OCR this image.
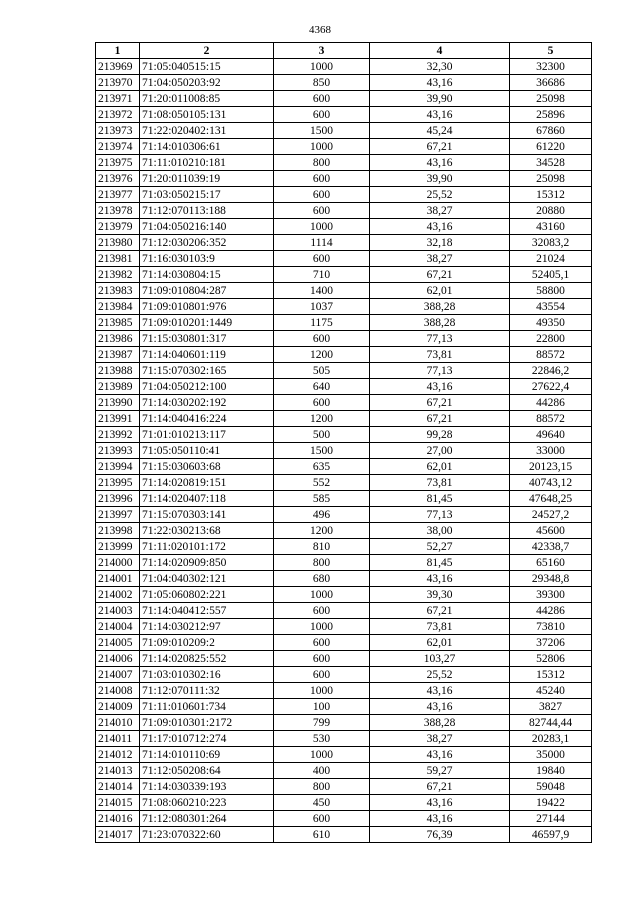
4368
1	2	3	4	5
213969	71:05:040515:15	1000	32,30	32300
213970	71:04:050203:92	850	43,16	36686
213971	71:20:011008:85	600	39,90	25098
213972	71:08:050105:131	600	43,16	25896
213973	71:22:020402:131	1500	45,24	67860
213974	71:14:010306:61	1000	67,21	61220
213975	71:11:010210:181	800	43,16	34528
213976	71:20:011039:19	600	39,90	25098
213977	71:03:050215:17	600	25,52	15312
213978	71:12:070113:188	600	38,27	20880
213979	71:04:050216:140	1000	43,16	43160
213980	71:12:030206:352	1114	32,18	32083,2
213981	71:16:030103:9	600	38,27	21024
213982	71:14:030804:15	710	67,21	52405,1
213983	71:09:010804:287	1400	62,01	58800
213984	71:09:010801:976	1037	388,28	43554
213985	71:09:010201:1449	1175	388,28	49350
213986	71:15:030801:317	600	77,13	22800
213987	71:14:040601:119	1200	73,81	88572
213988	71:15:070302:165	505	77,13	22846,2
213989	71:04:050212:100	640	43,16	27622,4
213990	71:14:030202:192	600	67,21	44286
213991	71:14:040416:224	1200	67,21	88572
213992	71:01:010213:117	500	99,28	49640
213993	71:05:050110:41	1500	27,00	33000
213994	71:15:030603:68	635	62,01	20123,15
213995	71:14:020819:151	552	73,81	40743,12
213996	71:14:020407:118	585	81,45	47648,25
213997	71:15:070303:141	496	77,13	24527,2
213998	71:22:030213:68	1200	38,00	45600
213999	71:11:020101:172	810	52,27	42338,7
214000	71:14:020909:850	800	81,45	65160
214001	71:04:040302:121	680	43,16	29348,8
214002	71:05:060802:221	1000	39,30	39300
214003	71:14:040412:557	600	67,21	44286
214004	71:14:030212:97	1000	73,81	73810
214005	71:09:010209:2	600	62,01	37206
214006	71:14:020825:552	600	103,27	52806
214007	71:03:010302:16	600	25,52	15312
214008	71:12:070111:32	1000	43,16	45240
214009	71:11:010601:734	100	43,16	3827
214010	71:09:010301:2172	799	388,28	82744,44
214011	71:17:010712:274	530	38,27	20283,1
214012	71:14:010110:69	1000	43,16	35000
214013	71:12:050208:64	400	59,27	19840
214014	71:14:030339:193	800	67,21	59048
214015	71:08:060210:223	450	43,16	19422
214016	71:12:080301:264	600	43,16	27144
214017	71:23:070322:60	610	76,39	46597,9
